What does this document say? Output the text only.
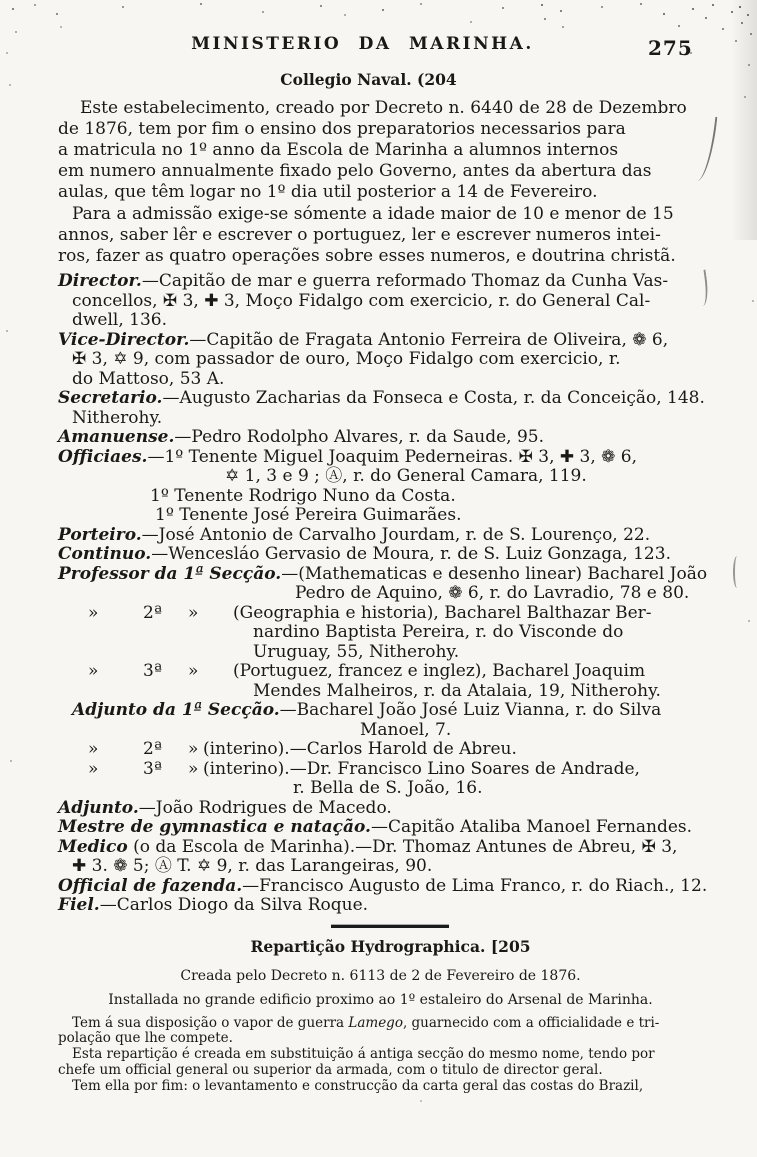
275
MINISTERIO DA MARINHA.
Collegio Naval. (204
Este estabelecimento, creado por Decreto n. 6440 de 28 de Dezembro
de 1876, tem por fim o ensino dos preparatorios necessarios para
a matricula no 1º anno da Escola de Marinha a alumnos internos
em numero annualmente fixado pelo Governo, antes da abertura das
aulas, que têm logar no 1º dia util posterior a 14 de Fevereiro.
Para a admissão exige-se sómente a idade maior de 10 e menor de 15
annos, saber lêr e escrever o portuguez, ler e escrever numeros intei-
ros, fazer as quatro operações sobre esses numeros, e doutrina christã.
Director.—Capitão de mar e guerra reformado Thomaz da Cunha Vas-
concellos, ✠ 3, ✚ 3, Moço Fidalgo com exercicio, r. do General Cal-
dwell, 136.
Vice-Director.—Capitão de Fragata Antonio Ferreira de Oliveira, ❁ 6,
✠ 3, ✡ 9, com passador de ouro, Moço Fidalgo com exercicio, r.
do Mattoso, 53 A.
Secretario.—Augusto Zacharias da Fonseca e Costa, r. da Conceição, 148.
Nitherohy.
Amanuense.—Pedro Rodolpho Alvares, r. da Saude, 95.
Officiaes.—1º Tenente Miguel Joaquim Pederneiras. ✠ 3, ✚ 3, ❁ 6,
✡ 1, 3 e 9 ; Ⓐ, r. do General Camara, 119.
1º Tenente Rodrigo Nuno da Costa.
1º Tenente José Pereira Guimarães.
Porteiro.—José Antonio de Carvalho Jourdam, r. de S. Lourenço, 22.
Continuo.—Wencesláo Gervasio de Moura, r. de S. Luiz Gonzaga, 123.
Professor da 1ª Secção.—(Mathematicas e desenho linear) Bacharel João
Pedro de Aquino, ❁ 6, r. do Lavradio, 78 e 80.
»	2ª » (Geographia e historia), Bacharel Balthazar Ber-
nardino Baptista Pereira, r. do Visconde do
Uruguay, 55, Nitherohy.
»	3ª » (Portuguez, francez e inglez), Bacharel Joaquim
Mendes Malheiros, r. da Atalaia, 19, Nitherohy.
Adjunto da 1ª Secção.—Bacharel João José Luiz Vianna, r. do Silva
Manoel, 7.
»	2ª » (interino).—Carlos Harold de Abreu.
»	3ª » (interino).—Dr. Francisco Lino Soares de Andrade,
r. Bella de S. João, 16.
Adjunto.—João Rodrigues de Macedo.
Mestre de gymnastica e natação.—Capitão Ataliba Manoel Fernandes.
Medico (o da Escola de Marinha).—Dr. Thomaz Antunes de Abreu, ✠ 3,
✚ 3. ❁ 5; Ⓐ T. ✡ 9, r. das Larangeiras, 90.
Official de fazenda.—Francisco Augusto de Lima Franco, r. do Riach., 12.
Fiel.—Carlos Diogo da Silva Roque.
Repartição Hydrographica. [205
Creada pelo Decreto n. 6113 de 2 de Fevereiro de 1876.
Installada no grande edificio proximo ao 1º estaleiro do Arsenal de Marinha.
Tem á sua disposição o vapor de guerra Lamego, guarnecido com a officialidade e tri-
polação que lhe compete.
Esta repartição é creada em substituição á antiga secção do mesmo nome, tendo por
chefe um official general ou superior da armada, com o titulo de director geral.
Tem ella por fim: o levantamento e construcção da carta geral das costas do Brazil,
